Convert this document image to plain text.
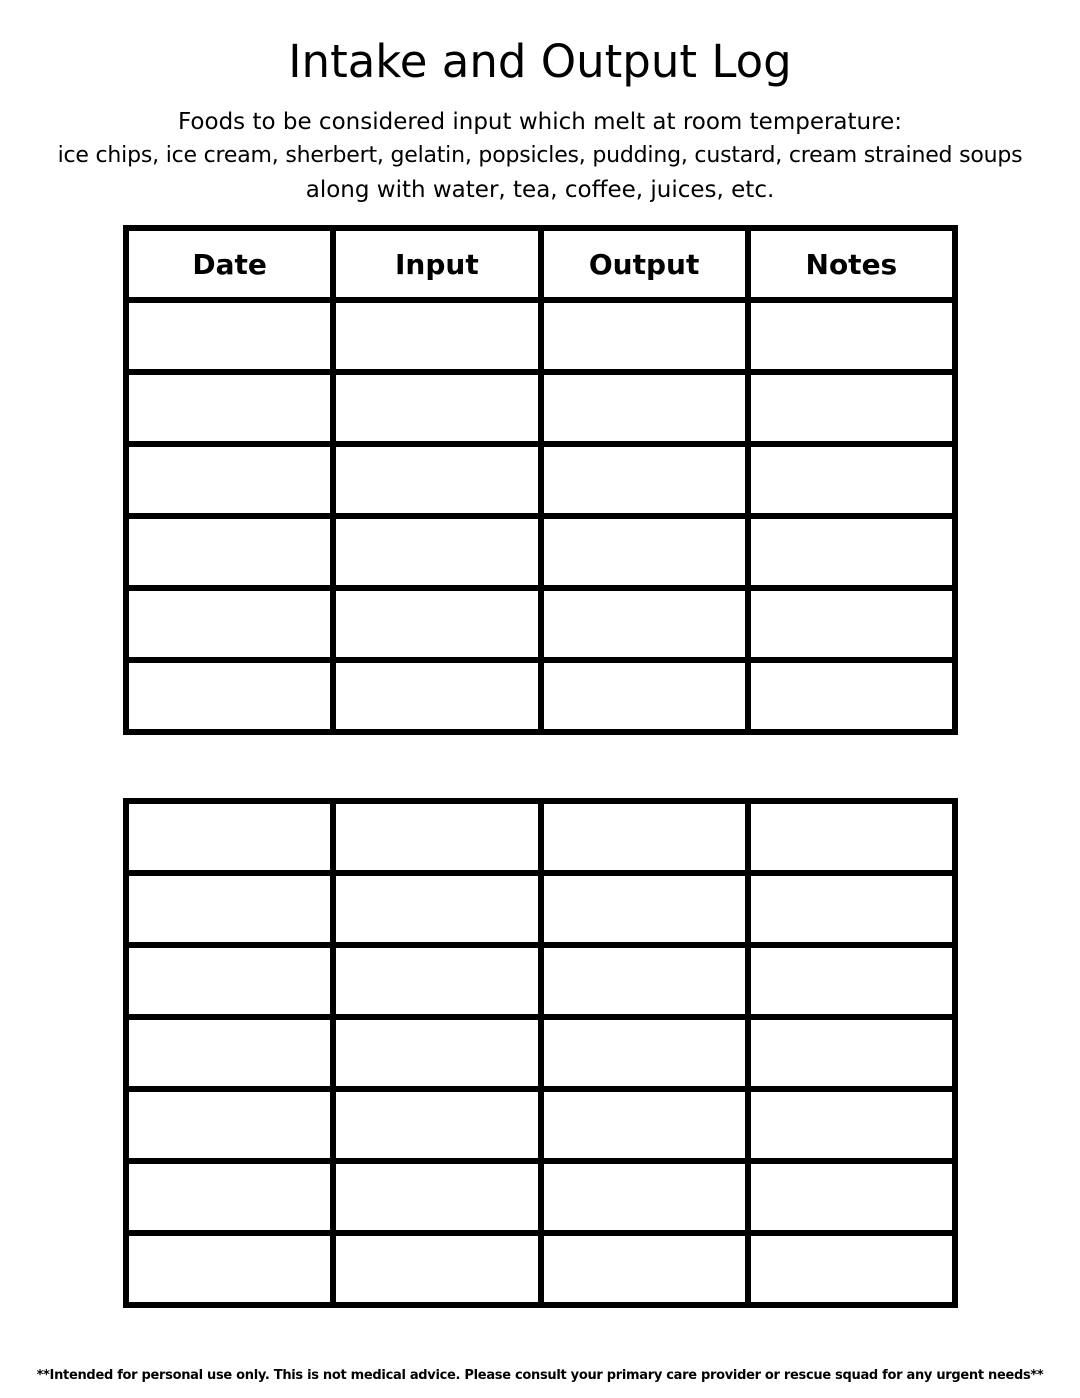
Intake and Output Log
Foods to be considered input which melt at room temperature:
ice chips, ice cream, sherbert, gelatin, popsicles, pudding, custard, cream strained soups
along with water, tea, coffee, juices, etc.
Date	Input	Output	Notes

**Intended for personal use only. This is not medical advice. Please consult your primary care provider or rescue squad for any urgent needs**
